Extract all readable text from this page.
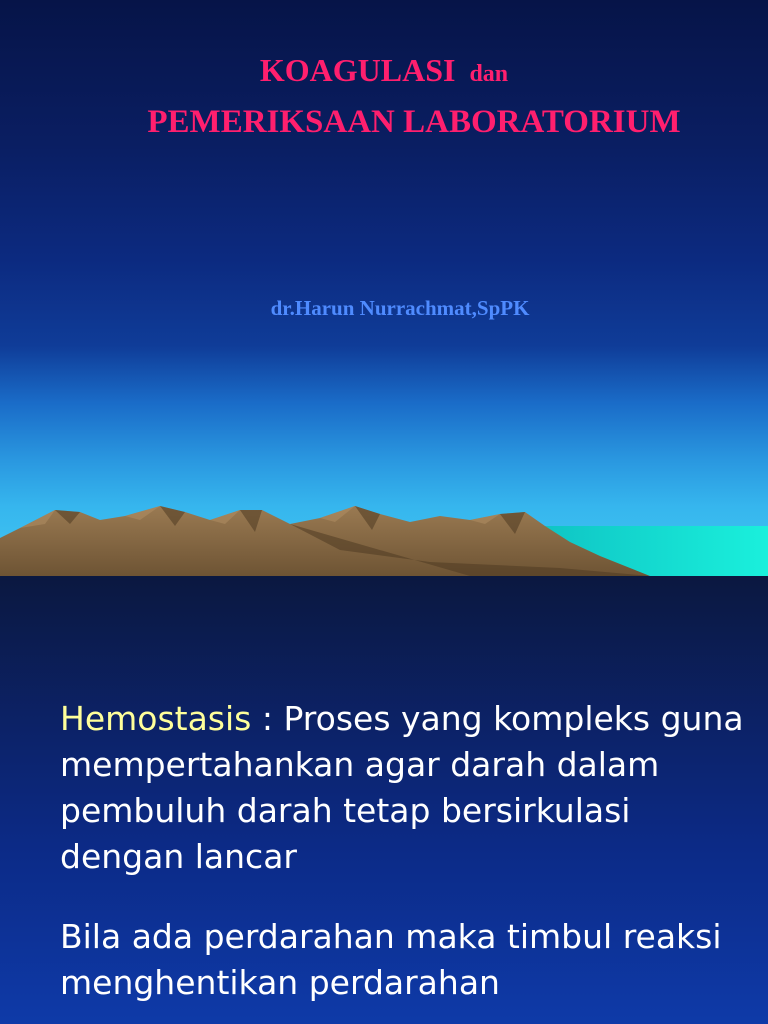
KOAGULASI dan
PEMERIKSAAN LABORATORIUM
dr.Harun Nurrachmat,SpPK

Hemostasis : Proses yang kompleks guna mempertahankan agar darah dalam pembuluh darah tetap bersirkulasi dengan lancar

Bila ada perdarahan maka timbul reaksi menghentikan perdarahan
